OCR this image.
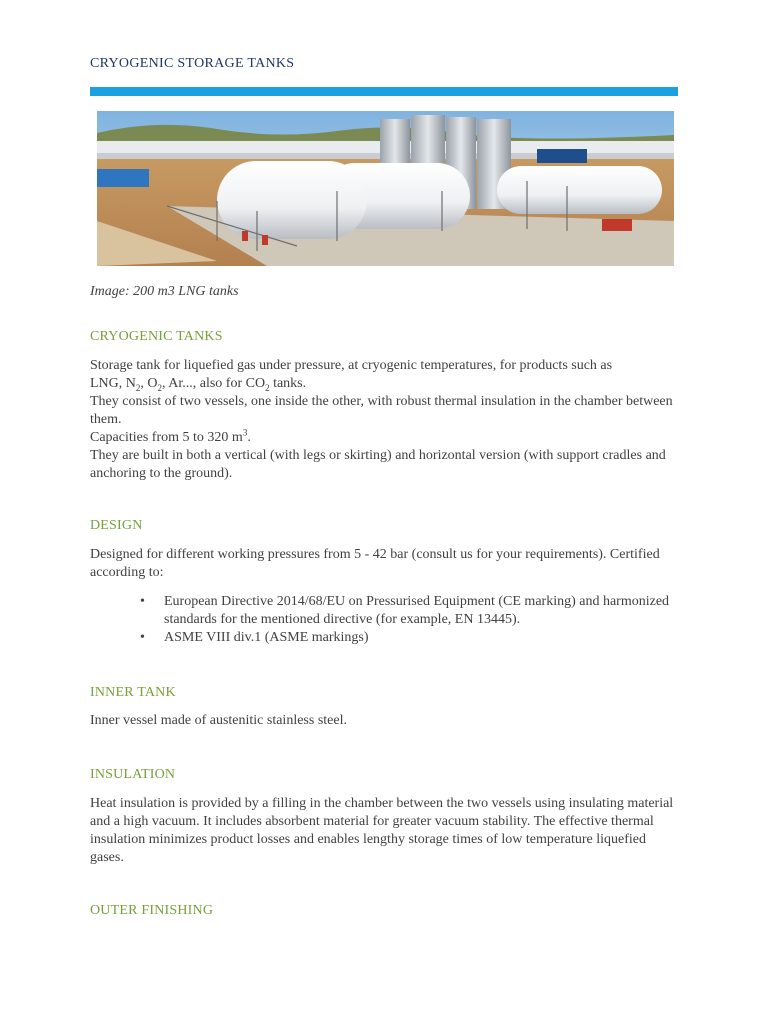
CRYOGENIC STORAGE TANKS
Image: 200 m3 LNG tanks
CRYOGENIC TANKS

Storage tank for liquefied gas under pressure, at cryogenic temperatures, for products such as

LNG, $N_2$, $O_2$, Ar..., also for $CO_2$ tanks.

They consist of two vessels, one inside the other, with robust thermal insulation in the chamber between them.

Capacities from 5 to 320 $m^3$.

They are built in both a vertical (with legs or skirting) and horizontal version (with support cradles and anchoring to the ground).

DESIGN
Designed for different working pressures from 5 - 42 bar (consult us for your requirements). Certified according to:
• European Directive 2014/68/EU on Pressurised Equipment (CE marking) and harmonized standards for the mentioned directive (for example, EN 13445).
• ASME VIII div.1 (ASME markings)
INNER TANK
Inner vessel made of austenitic stainless steel.
INSULATION
Heat insulation is provided by a filling in the chamber between the two vessels using insulating material and a high vacuum. It includes absorbent material for greater vacuum stability. The effective thermal insulation minimizes product losses and enables lengthy storage times of low temperature liquefied gases.
OUTER FINISHING
